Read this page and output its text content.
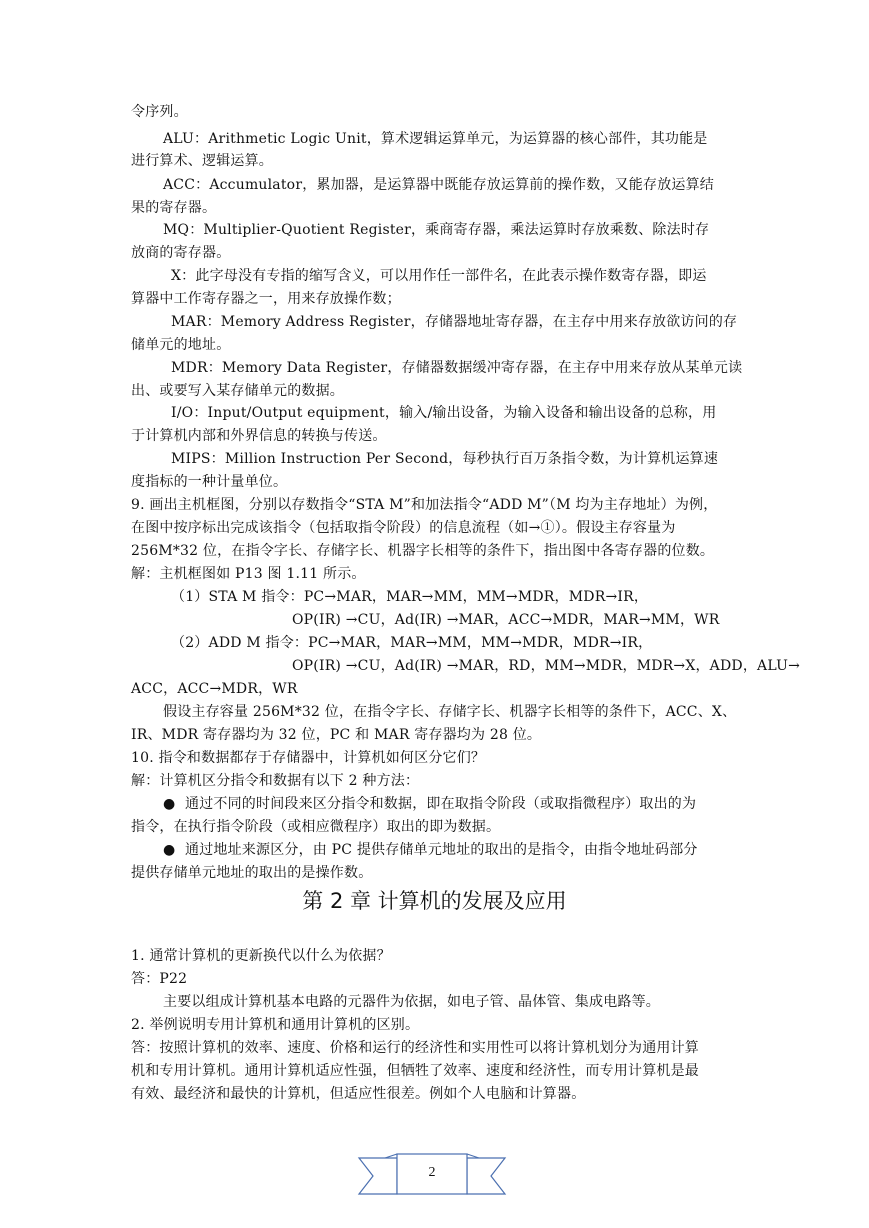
令序列。
ALU：Arithmetic Logic Unit，算术逻辑运算单元，为运算器的核心部件，其功能是
进行算术、逻辑运算。
ACC：Accumulator，累加器，是运算器中既能存放运算前的操作数，又能存放运算结
果的寄存器。
MQ：Multiplier-Quotient Register，乘商寄存器，乘法运算时存放乘数、除法时存
放商的寄存器。
X：此字母没有专指的缩写含义，可以用作任一部件名，在此表示操作数寄存器，即运
算器中工作寄存器之一，用来存放操作数；
MAR：Memory Address Register，存储器地址寄存器，在主存中用来存放欲访问的存
储单元的地址。
MDR：Memory Data Register，存储器数据缓冲寄存器，在主存中用来存放从某单元读
出、或要写入某存储单元的数据。
I/O：Input/Output equipment，输入/输出设备，为输入设备和输出设备的总称，用
于计算机内部和外界信息的转换与传送。
MIPS：Million Instruction Per Second，每秒执行百万条指令数，为计算机运算速
度指标的一种计量单位。
9. 画出主机框图，分别以存数指令“STA M”和加法指令“ADD M”（M 均为主存地址）为例，
在图中按序标出完成该指令（包括取指令阶段）的信息流程（如→①）。假设主存容量为
256M*32 位，在指令字长、存储字长、机器字长相等的条件下，指出图中各寄存器的位数。
解：主机框图如 P13 图 1.11 所示。
（1）STA M 指令：PC→MAR，MAR→MM，MM→MDR，MDR→IR，
OP(IR) →CU，Ad(IR) →MAR，ACC→MDR，MAR→MM，WR
（2）ADD M 指令：PC→MAR，MAR→MM，MM→MDR，MDR→IR，
OP(IR) →CU，Ad(IR) →MAR，RD，MM→MDR，MDR→X，ADD，ALU→
ACC，ACC→MDR，WR
假设主存容量 256M*32 位，在指令字长、存储字长、机器字长相等的条件下，ACC、X、
IR、MDR 寄存器均为 32 位，PC 和 MAR 寄存器均为 28 位。
10. 指令和数据都存于存储器中，计算机如何区分它们？
解：计算机区分指令和数据有以下 2 种方法：
● 通过不同的时间段来区分指令和数据，即在取指令阶段（或取指微程序）取出的为
指令，在执行指令阶段（或相应微程序）取出的即为数据。
● 通过地址来源区分，由 PC 提供存储单元地址的取出的是指令，由指令地址码部分
提供存储单元地址的取出的是操作数。
第 2 章 计算机的发展及应用
1. 通常计算机的更新换代以什么为依据？
答：P22
主要以组成计算机基本电路的元器件为依据，如电子管、晶体管、集成电路等。
2. 举例说明专用计算机和通用计算机的区别。
答：按照计算机的效率、速度、价格和运行的经济性和实用性可以将计算机划分为通用计算
机和专用计算机。通用计算机适应性强，但牺牲了效率、速度和经济性，而专用计算机是最
有效、最经济和最快的计算机，但适应性很差。例如个人电脑和计算器。
2
